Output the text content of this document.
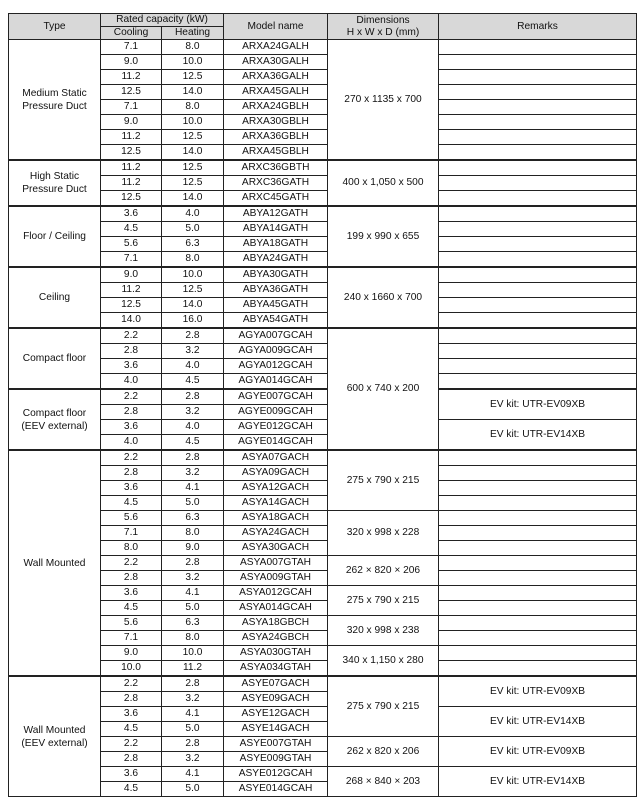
Type	Rated capacity (kW)		Model name	Dimensions
H x W x D (mm)	Remarks
	Cooling	Heating			

Medium Static
Pressure Duct	7.1	8.0	ARXA24GALH	270 x 1135 x 700	
	9.0	10.0	ARXA30GALH		
	11.2	12.5	ARXA36GALH		
	12.5	14.0	ARXA45GALH		
	7.1	8.0	ARXA24GBLH		
	9.0	10.0	ARXA30GBLH		
	11.2	12.5	ARXA36GBLH		
	12.5	14.0	ARXA45GBLH		

High Static
Pressure Duct	11.2	12.5	ARXC36GBTH	400 x 1,050 x 500	
	11.2	12.5	ARXC36GATH		
	12.5	14.0	ARXC45GATH		

Floor / Ceiling	3.6	4.0	ABYA12GATH	199 x 990 x 655	
	4.5	5.0	ABYA14GATH		
	5.6	6.3	ABYA18GATH		
	7.1	8.0	ABYA24GATH		

Ceiling	9.0	10.0	ABYA30GATH	240 x 1660 x 700	
	11.2	12.5	ABYA36GATH		
	12.5	14.0	ABYA45GATH		
	14.0	16.0	ABYA54GATH		

Compact floor	2.2	2.8	AGYA007GCAH	600 x 740 x 200	
	2.8	3.2	AGYA009GCAH		
	3.6	4.0	AGYA012GCAH		
	4.0	4.5	AGYA014GCAH		

Compact floor
(EEV external)	2.2	2.8	AGYE007GCAH		EV kit: UTR-EV09XB
	2.8	3.2	AGYE009GCAH		
	3.6	4.0	AGYE012GCAH		EV kit: UTR-EV14XB
	4.0	4.5	AGYE014GCAH		

Wall Mounted	2.2	2.8	ASYA07GACH	275 x 790 x 215	
	2.8	3.2	ASYA09GACH		
	3.6	4.1	ASYA12GACH		
	4.5	5.0	ASYA14GACH		
	5.6	6.3	ASYA18GACH	320 x 998 x 228	
	7.1	8.0	ASYA24GACH		
	8.0	9.0	ASYA30GACH		
	2.2	2.8	ASYA007GTAH	262 × 820 × 206	
	2.8	3.2	ASYA009GTAH		
	3.6	4.1	ASYA012GCAH	275 x 790 x 215	
	4.5	5.0	ASYA014GCAH		
	5.6	6.3	ASYA18GBCH	320 x 998 x 238	
	7.1	8.0	ASYA24GBCH		
	9.0	10.0	ASYA030GTAH	340 x 1,150 x 280	
	10.0	11.2	ASYA034GTAH		

Wall Mounted
(EEV external)	2.2	2.8	ASYE07GACH	275 x 790 x 215	EV kit: UTR-EV09XB
	2.8	3.2	ASYE09GACH		
	3.6	4.1	ASYE12GACH		EV kit: UTR-EV14XB
	4.5	5.0	ASYE14GACH		
	2.2	2.8	ASYE007GTAH	262 x 820 x 206	EV kit: UTR-EV09XB
	2.8	3.2	ASYE009GTAH		
	3.6	4.1	ASYE012GCAH	268 × 840 × 203	EV kit: UTR-EV14XB
	4.5	5.0	ASYE014GCAH		
